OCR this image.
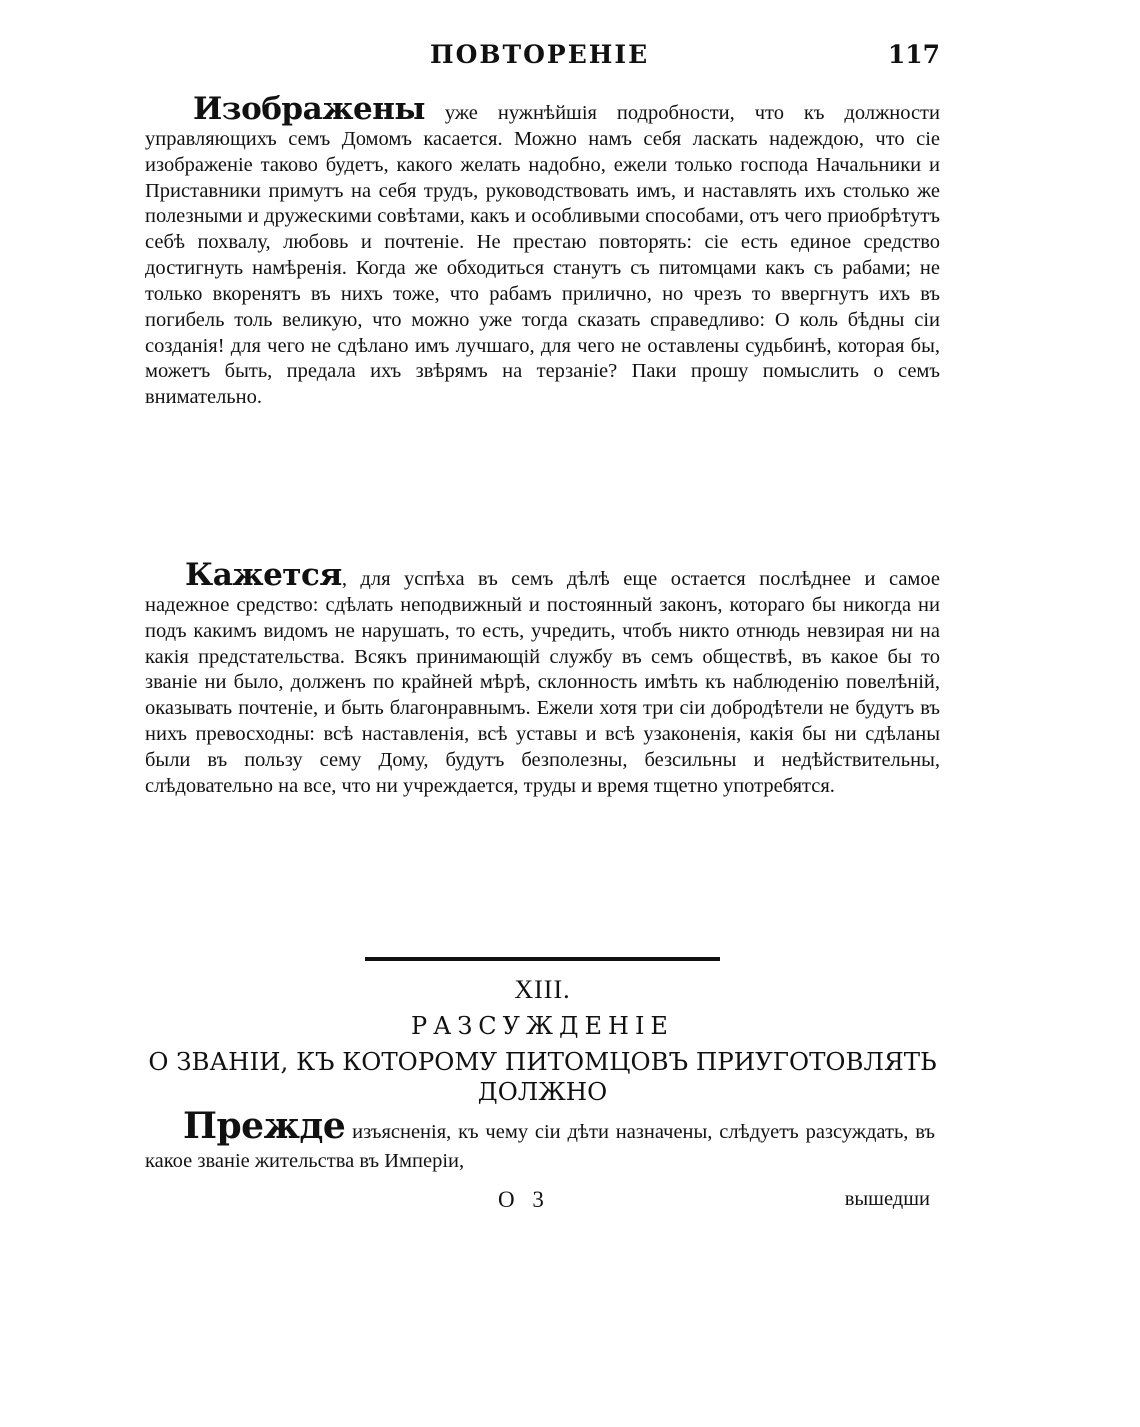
ПОВТОРЕНІЕ	117

Изображены уже нужнѣйшія подробности, что къ должности управляющихъ семъ Домомъ касается. Можно намъ себя ласкать надеждою, что сіе изображеніе таково будетъ, какого желать надобно, ежели только господа Начальники и Приставники примутъ на себя трудъ, руководствовать имъ, и наставлять ихъ столько же полезными и дружескими совѣтами, какъ и особливыми способами, отъ чего приобрѣтутъ себѣ похвалу, любовь и почтеніе. Не престаю повторять: сіе есть единое средство достигнуть намѣренія. Когда же обходиться станутъ съ питомцами какъ съ рабами; не только вкоренятъ въ нихъ тоже, что рабамъ прилично, но чрезъ то ввергнутъ ихъ въ погибель толь великую, что можно уже тогда сказать справедливо: О коль бѣдны сіи созданія! для чего не сдѣлано имъ лучшаго, для чего не оставлены судьбинѣ, которая бы, можетъ быть, предала ихъ звѣрямъ на терзаніе? Паки прошу помыслить о семъ внимательно.

Кажется, для успѣха въ семъ дѣлѣ еще остается послѣднее и самое надежное средство: сдѣлать неподвижный и постоянный законъ, котораго бы никогда ни подъ какимъ видомъ не нарушать, то есть, учредить, чтобъ никто отнюдь невзирая ни на какія предстательства. Всякъ принимающій службу въ семъ обществѣ, въ какое бы то званіе ни было, долженъ по крайней мѣрѣ, склонность имѣть къ наблюденію повелѣній, оказывать почтеніе, и быть благонравнымъ. Ежели хотя три сіи добродѣтели не будутъ въ нихъ превосходны: всѣ наставленія, всѣ уставы и всѣ узаконенія, какія бы ни сдѣланы были въ пользу сему Дому, будутъ безполезны, безсильны и недѣйствительны, слѣдовательно на все, что ни учреждается, труды и время тщетно употребятся.

XIII.
РАЗСУЖДЕНІЕ

О ЗВАНІИ, КЪ КОТОРОМУ ПИТОМЦОВЪ ПРИУГОТОВЛЯТЬ ДОЛЖНО

Прежде изъясненія, къ чему сіи дѣти назначены, слѣдуетъ разсуждать, въ какое званіе жительства въ Имперіи,

О 3	вышедши
